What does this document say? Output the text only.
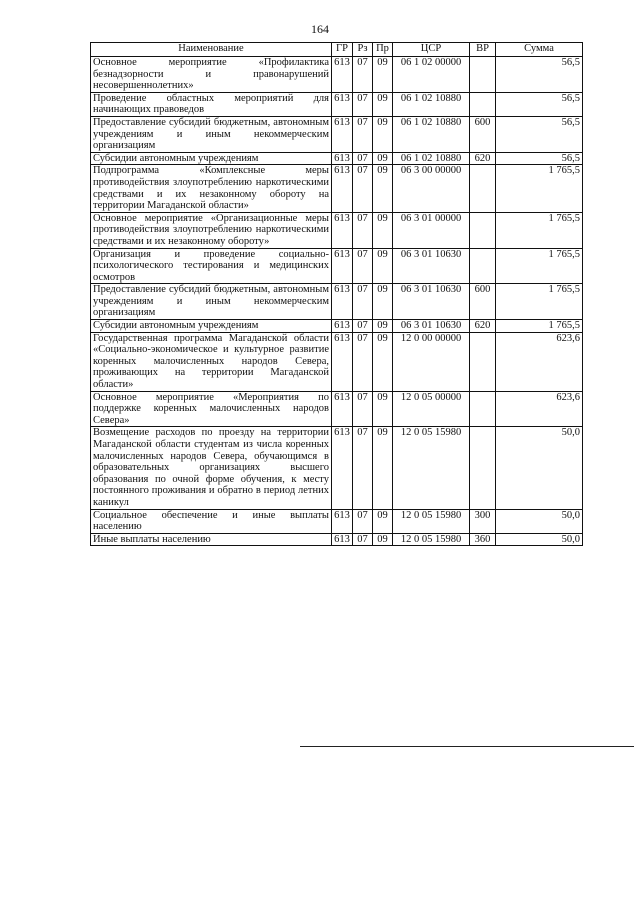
164
Наименование	ГР	Рз	Пр	ЦСР	ВР	Сумма
Основное мероприятие «Профилактика безнадзорности и правонарушений несовершеннолетних»	613	07	09	06 1 02 00000		56,5
Проведение областных мероприятий для начинающих правоведов	613	07	09	06 1 02 10880		56,5
Предоставление субсидий бюджетным, автономным учреждениям и иным некоммерческим организациям	613	07	09	06 1 02 10880	600	56,5
Субсидии автономным учреждениям	613	07	09	06 1 02 10880	620	56,5
Подпрограмма «Комплексные меры противодействия злоупотреблению наркотическими средствами и их незаконному обороту на территории Магаданской области»	613	07	09	06 3 00 00000		1 765,5
Основное мероприятие «Организационные меры противодействия злоупотреблению наркотическими средствами и их незаконному обороту»	613	07	09	06 3 01 00000		1 765,5
Организация и проведение социально-психологического тестирования и медицинских осмотров	613	07	09	06 3 01 10630		1 765,5
Предоставление субсидий бюджетным, автономным учреждениям и иным некоммерческим организациям	613	07	09	06 3 01 10630	600	1 765,5
Субсидии автономным учреждениям	613	07	09	06 3 01 10630	620	1 765,5
Государственная программа Магаданской области «Социально-экономическое и культурное развитие коренных малочисленных народов Севера, проживающих на территории Магаданской области»	613	07	09	12 0 00 00000		623,6
Основное мероприятие «Мероприятия по поддержке коренных малочисленных народов Севера»	613	07	09	12 0 05 00000		623,6
Возмещение расходов по проезду на территории Магаданской области студентам из числа коренных малочисленных народов Севера, обучающимся в образовательных организациях высшего образования по очной форме обучения, к месту постоянного проживания и обратно в период летних каникул	613	07	09	12 0 05 15980		50,0
Социальное обеспечение и иные выплаты населению	613	07	09	12 0 05 15980	300	50,0
Иные выплаты населению	613	07	09	12 0 05 15980	360	50,0
